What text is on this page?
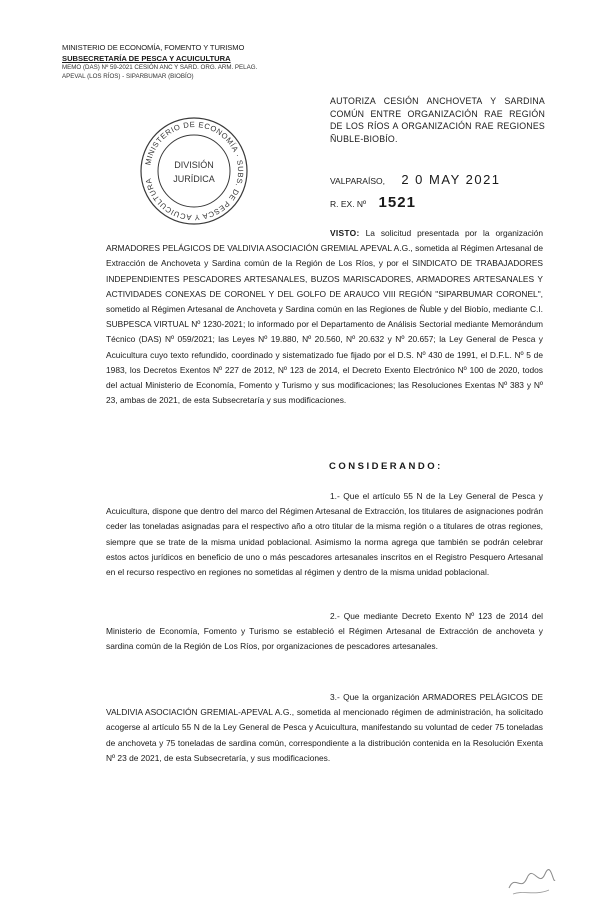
MINISTERIO DE ECONOMÍA, FOMENTO Y TURISMO
SUBSECRETARÍA DE PESCA Y ACUICULTURA
MEMO (DAS) Nº 59-2021 CESIÓN ANC Y SARD. ORG. ARM. PELAG.
APEVAL (LOS RÍOS) - SIPARBUMAR (BIOBÍO)
MINISTERIO DE ECONOMÍA · SUBS. DE PESCA Y ACUICULTURA
DIVISIÓN
JURÍDICA
AUTORIZA CESIÓN ANCHOVETA Y SARDINA COMÚN ENTRE ORGANIZACIÓN RAE REGIÓN DE LOS RÍOS A ORGANIZACIÓN RAE REGIONES ÑUBLE-BIOBÍO.
VALPARAÍSO, 2 0 MAY 2021
R. EX. Nº 1521
VISTO: La solicitud presentada por la organización ARMADORES PELÁGICOS DE VALDIVIA ASOCIACIÓN GREMIAL APEVAL A.G., sometida al Régimen Artesanal de Extracción de Anchoveta y Sardina común de la Región de Los Ríos, y por el SINDICATO DE TRABAJADORES INDEPENDIENTES PESCADORES ARTESANALES, BUZOS MARISCADORES, ARMADORES ARTESANALES Y ACTIVIDADES CONEXAS DE CORONEL Y DEL GOLFO DE ARAUCO VIII REGIÓN "SIPARBUMAR CORONEL", sometido al Régimen Artesanal de Anchoveta y Sardina común en las Regiones de Ñuble y del Biobío, mediante C.I. SUBPESCA VIRTUAL Nº 1230-2021; lo informado por el Departamento de Análisis Sectorial mediante Memorándum Técnico (DAS) Nº 059/2021; las Leyes Nº 19.880, Nº 20.560, Nº 20.632 y Nº 20.657; la Ley General de Pesca y Acuicultura cuyo texto refundido, coordinado y sistematizado fue fijado por el D.S. Nº 430 de 1991, el D.F.L. Nº 5 de 1983, los Decretos Exentos Nº 227 de 2012, Nº 123 de 2014, el Decreto Exento Electrónico Nº 100 de 2020, todos del actual Ministerio de Economía, Fomento y Turismo y sus modificaciones; las Resoluciones Exentas Nº 383 y Nº 23, ambas de 2021, de esta Subsecretaría y sus modificaciones.
CONSIDERANDO:
1.- Que el artículo 55 N de la Ley General de Pesca y Acuicultura, dispone que dentro del marco del Régimen Artesanal de Extracción, los titulares de asignaciones podrán ceder las toneladas asignadas para el respectivo año a otro titular de la misma región o a titulares de otras regiones, siempre que se trate de la misma unidad poblacional. Asimismo la norma agrega que también se podrán celebrar estos actos jurídicos en beneficio de uno o más pescadores artesanales inscritos en el Registro Pesquero Artesanal en el recurso respectivo en regiones no sometidas al régimen y dentro de la misma unidad poblacional.
2.- Que mediante Decreto Exento Nº 123 de 2014 del Ministerio de Economía, Fomento y Turismo se estableció el Régimen Artesanal de Extracción de anchoveta y sardina común de la Región de Los Ríos, por organizaciones de pescadores artesanales.
3.- Que la organización ARMADORES PELÁGICOS DE VALDIVIA ASOCIACIÓN GREMIAL-APEVAL A.G., sometida al mencionado régimen de administración, ha solicitado acogerse al artículo 55 N de la Ley General de Pesca y Acuicultura, manifestando su voluntad de ceder 75 toneladas de anchoveta y 75 toneladas de sardina común, correspondiente a la distribución contenida en la Resolución Exenta Nº 23 de 2021, de esta Subsecretaría, y sus modificaciones.
